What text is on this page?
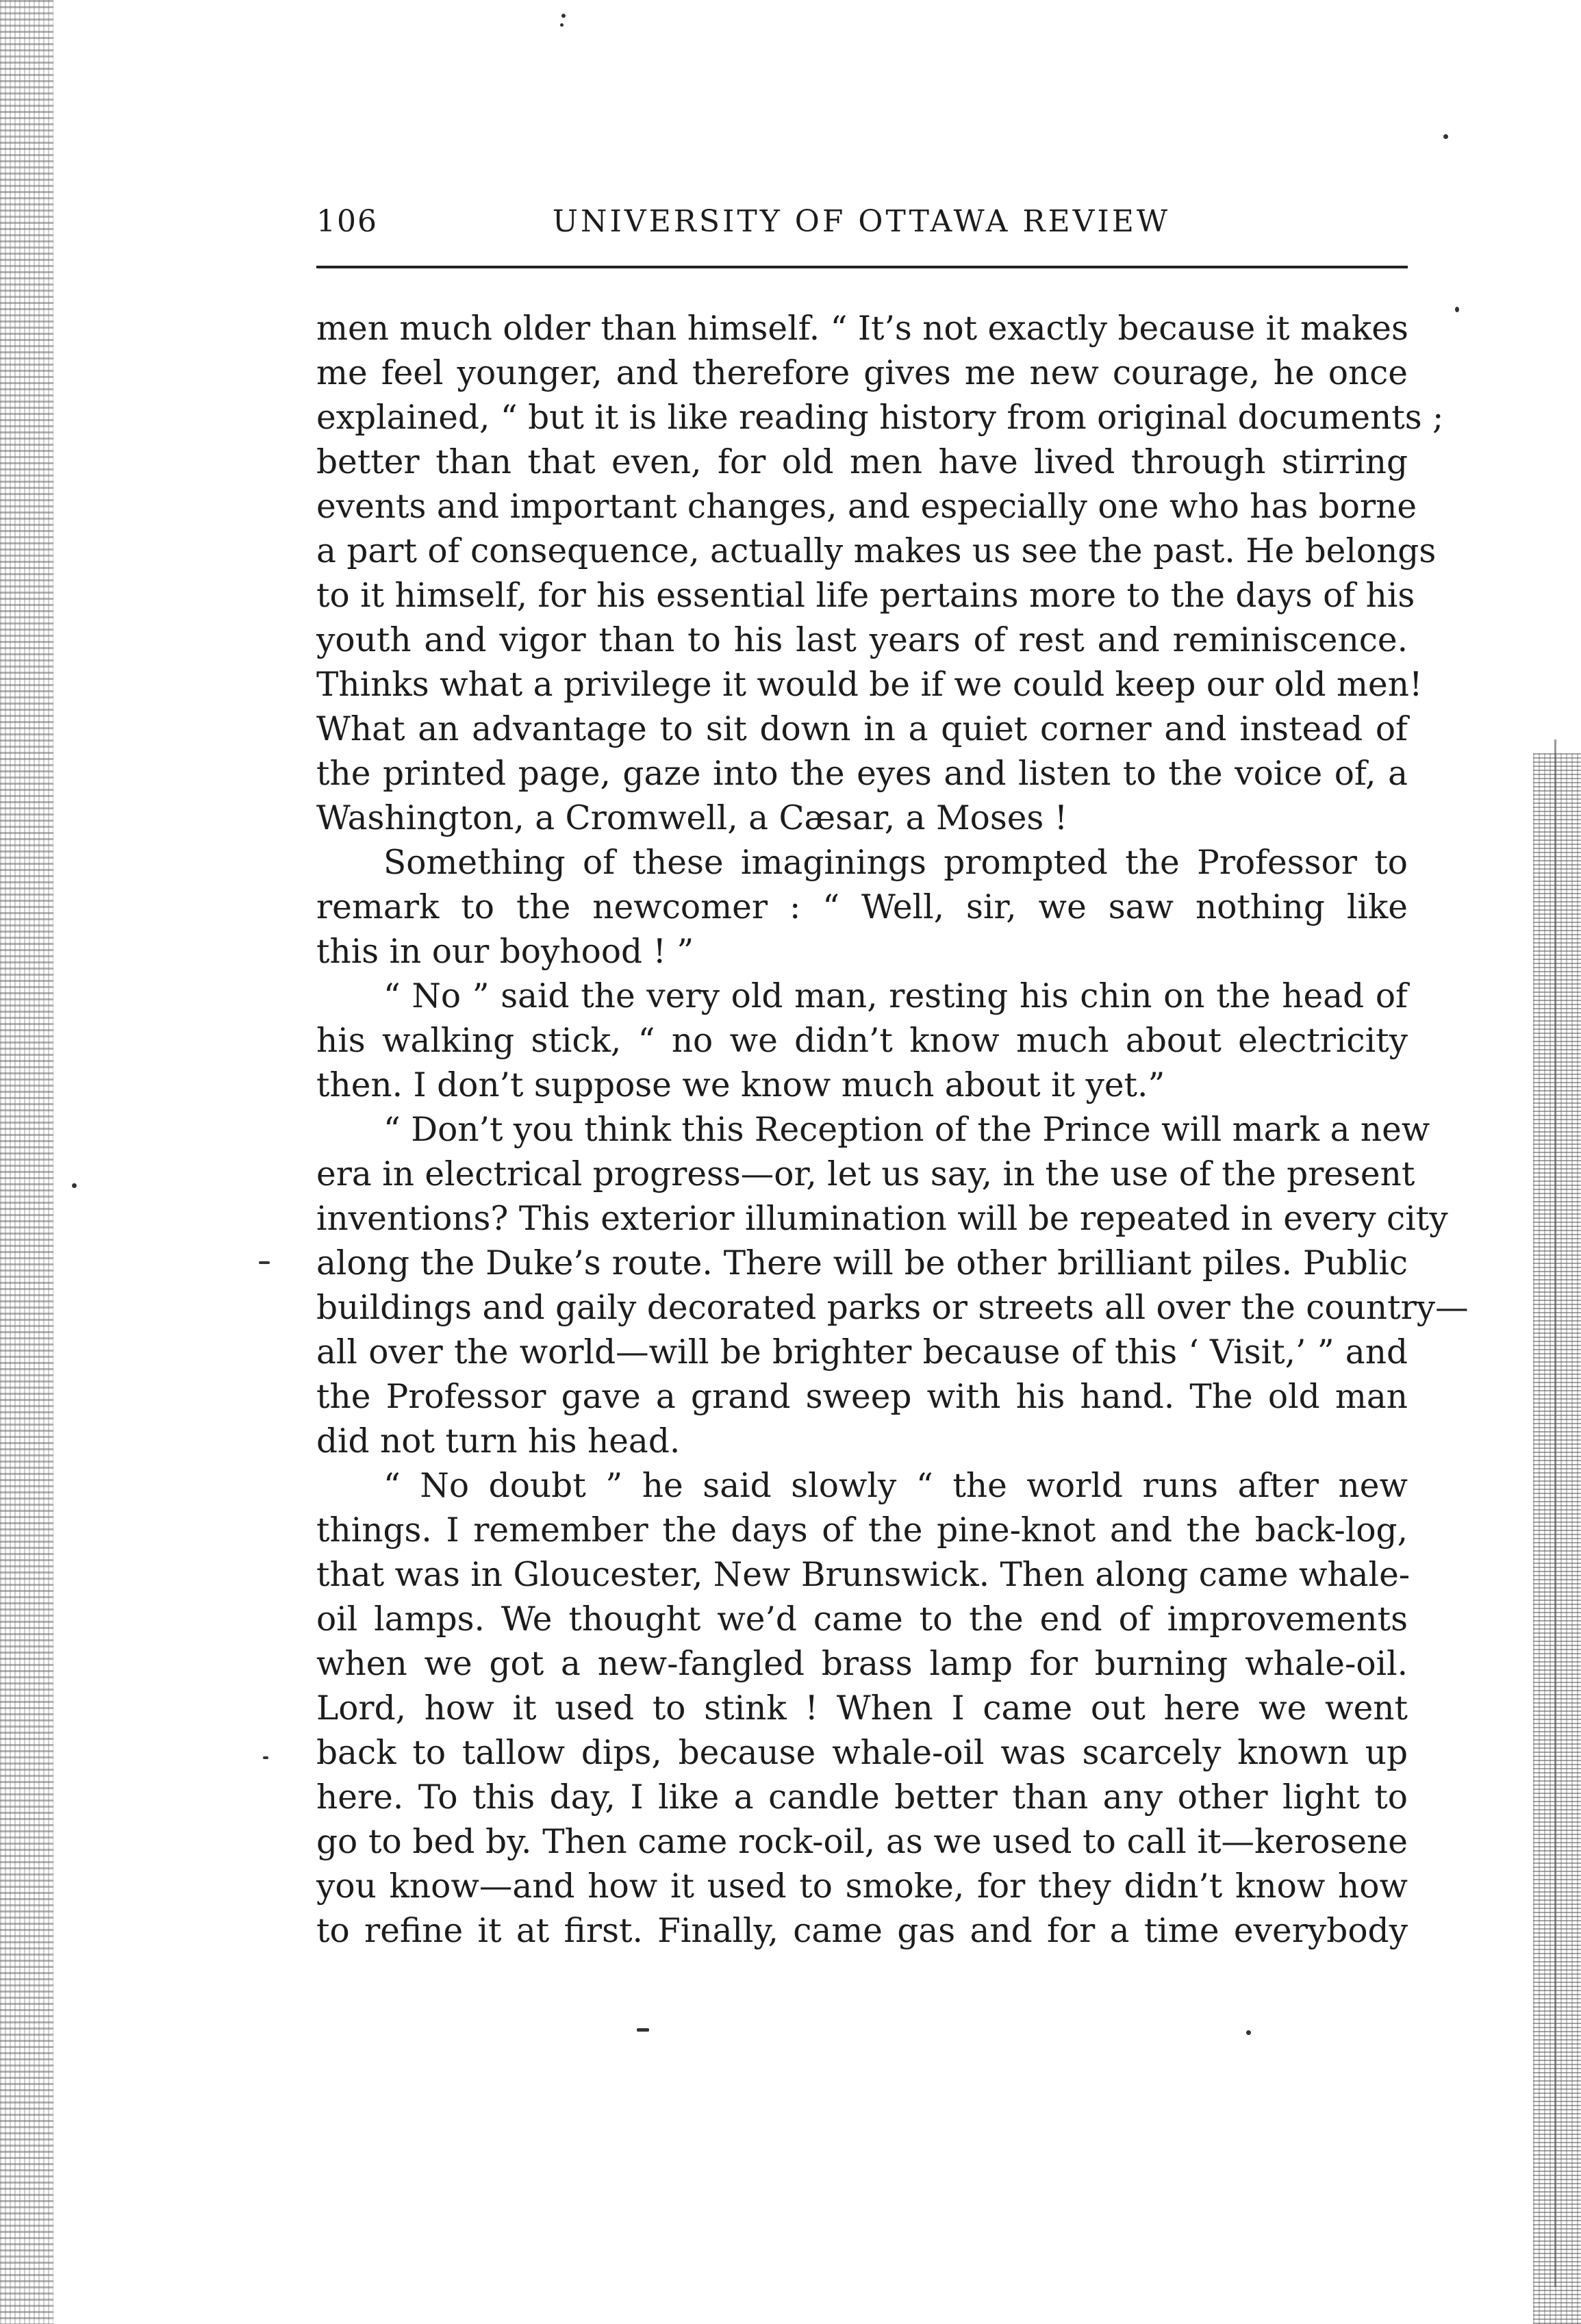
106	UNIVERSITY OF OTTAWA REVIEW
men much older than himself. “ It’s not exactly because it makes
me feel younger, and therefore gives me new courage, he once
explained, “ but it is like reading history from original documents ;
better than that even, for old men have lived through stirring
events and important changes, and especially one who has borne
a part of consequence, actually makes us see the past. He belongs
to it himself, for his essential life pertains more to the days of his
youth and vigor than to his last years of rest and reminiscence.
Thinks what a privilege it would be if we could keep our old men!
What an advantage to sit down in a quiet corner and instead of
the printed page, gaze into the eyes and listen to the voice of, a
Washington, a Cromwell, a Cæsar, a Moses !
Something of these imaginings prompted the Professor to
remark to the newcomer : “ Well, sir, we saw nothing like
this in our boyhood ! ”
“ No ” said the very old man, resting his chin on the head of
his walking stick, “ no we didn’t know much about electricity
then. I don’t suppose we know much about it yet.”
“ Don’t you think this Reception of the Prince will mark a new
era in electrical progress—or, let us say, in the use of the present
inventions? This exterior illumination will be repeated in every city
along the Duke’s route. There will be other brilliant piles. Public
buildings and gaily decorated parks or streets all over the country—
all over the world—will be brighter because of this ‘ Visit,’ ” and
the Professor gave a grand sweep with his hand. The old man
did not turn his head.
“ No doubt ” he said slowly “ the world runs after new
things. I remember the days of the pine-knot and the back-log,
that was in Gloucester, New Brunswick. Then along came whale-
oil lamps. We thought we’d came to the end of improvements
when we got a new-fangled brass lamp for burning whale-oil.
Lord, how it used to stink ! When I came out here we went
back to tallow dips, because whale-oil was scarcely known up
here. To this day, I like a candle better than any other light to
go to bed by. Then came rock-oil, as we used to call it—kerosene
you know—and how it used to smoke, for they didn’t know how
to refine it at first. Finally, came gas and for a time everybody
